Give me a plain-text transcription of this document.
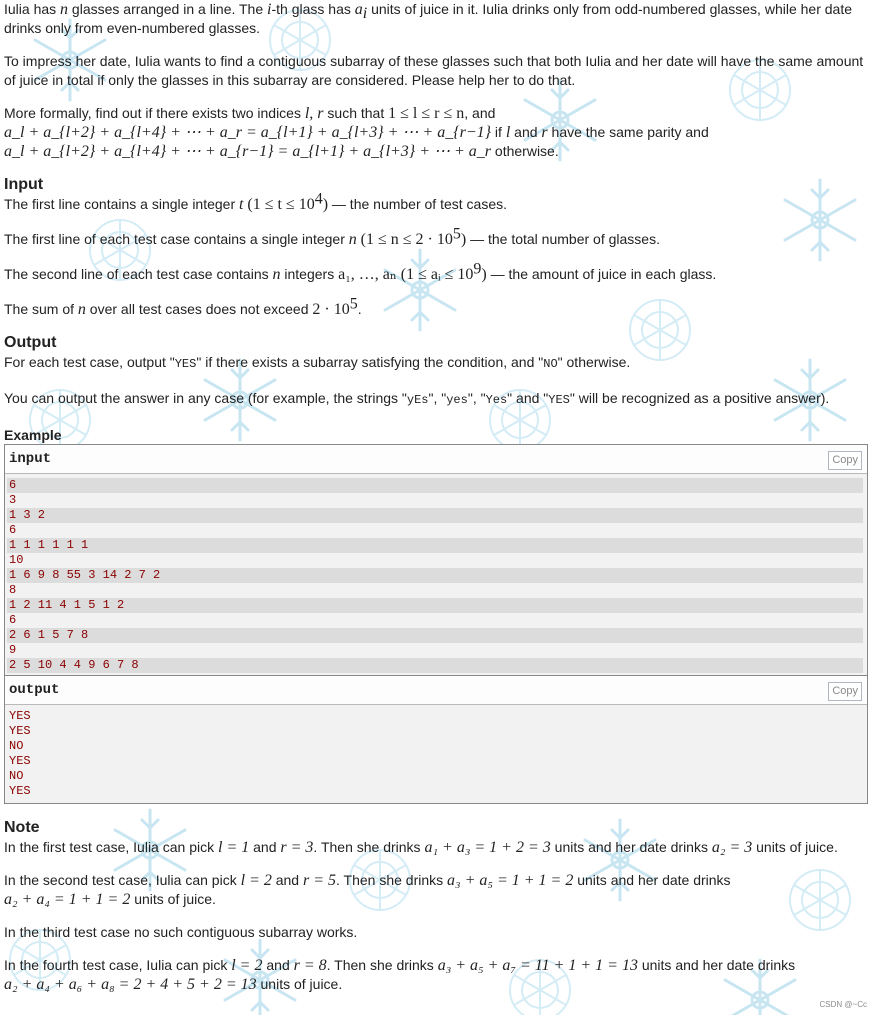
Iulia has n glasses arranged in a line. The i-th glass has $a_i$ units of juice in it. Iulia drinks only from odd-numbered glasses, while her date drinks only from even-numbered glasses.

To impress her date, Iulia wants to find a contiguous subarray of these glasses such that both Iulia and her date will have the same amount of juice in total if only the glasses in this subarray are considered. Please help her to do that.

More formally, find out if there exists two indices l, r such that 1 ≤ l ≤ r ≤ n, and
a_l + a_{l+2} + a_{l+4} + ⋯ + a_r = a_{l+1} + a_{l+3} + ⋯ + a_{r−1} if l and r have the same parity and
a_l + a_{l+2} + a_{l+4} + ⋯ + a_{r−1} = a_{l+1} + a_{l+3} + ⋯ + a_r otherwise.

Input

The first line contains a single integer t $(1 \le t \le 10^4)$ — the number of test cases.

The first line of each test case contains a single integer n $(1 \le n \le 2 \cdot 10^5)$ — the total number of glasses.

The second line of each test case contains n integers a₁, …, aₙ (1 ≤ aᵢ ≤ $10^9$) — the amount of juice in each glass.

The sum of n over all test cases does not exceed $2 \cdot 10^5$.

Output

For each test case, output "YES" if there exists a subarray satisfying the condition, and "NO" otherwise.

You can output the answer in any case (for example, the strings "yEs", "yes", "Yes" and "YES" will be recognized as a positive answer).

Example
input	Copy
6
3
1 3 2
6
1 1 1 1 1 1
10
1 6 9 8 55 3 14 2 7 2
8
1 2 11 4 1 5 1 2
6
2 6 1 5 7 8
9
2 5 10 4 4 9 6 7 8
output	Copy
YES
YES
NO
YES
NO
YES
Note

In the first test case, Iulia can pick l = 1 and r = 3. Then she drinks a₁ + a₃ = 1 + 2 = 3 units and her date drinks a₂ = 3 units of juice.

In the second test case, Iulia can pick l = 2 and r = 5. Then she drinks a₃ + a₅ = 1 + 1 = 2 units and her date drinks
a₂ + a₄ = 1 + 1 = 2 units of juice.

In the third test case no such contiguous subarray works.

In the fourth test case, Iulia can pick l = 2 and r = 8. Then she drinks a₃ + a₅ + a₇ = 11 + 1 + 1 = 13 units and her date drinks
a₂ + a₄ + a₆ + a₈ = 2 + 4 + 5 + 2 = 13 units of juice.

CSDN @~Cc
